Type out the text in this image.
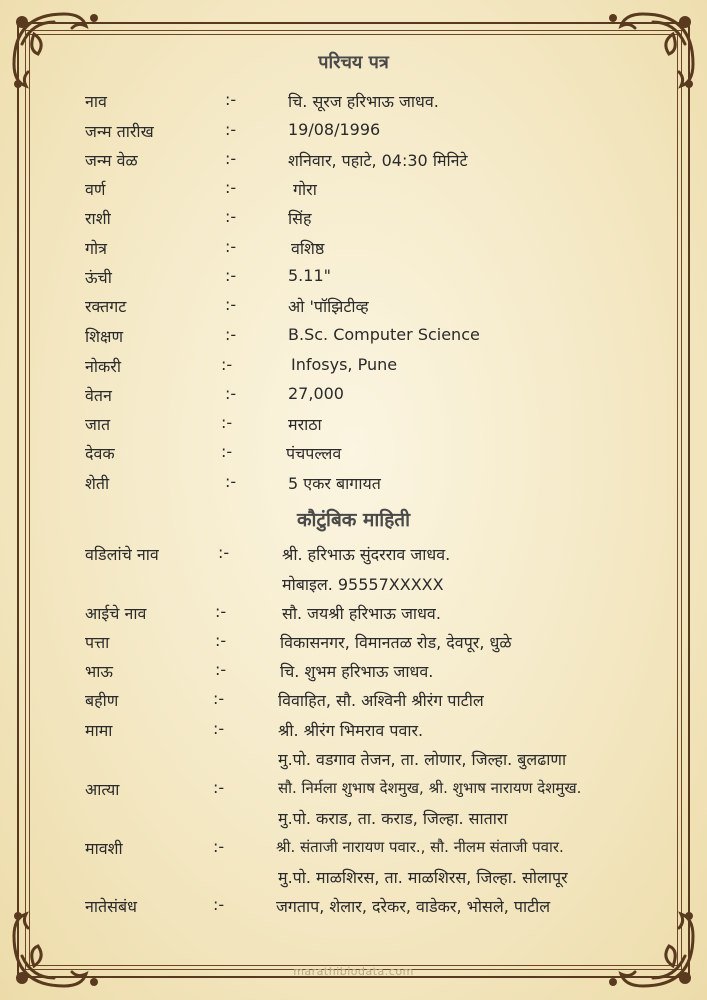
परिचय पत्र
नाव	:-	चि. सूरज हरिभाऊ जाधव.
जन्म तारीख	:-	19/08/1996
जन्म वेळ	:-	शनिवार, पहाटे, 04:30 मिनिटे
वर्ण	:-	गोरा
राशी	:-	सिंह
गोत्र	:-	वशिष्ठ
ऊंची	:-	5.11"
रक्तगट	:-	ओ 'पॉझिटीव्ह
शिक्षण	:-	B.Sc. Computer Science
नोकरी	:-	Infosys, Pune
वेतन	:-	27,000
जात	:-	मराठा
देवक	:-	पंचपल्लव
शेती	:-	5 एकर बागायत
कौटुंबिक माहिती
वडिलांचे नाव	:-	श्री. हरिभाऊ सुंदरराव जाधव.
मोबाइल. 95557XXXXX
आईचे नाव	:-	सौ. जयश्री हरिभाऊ जाधव.
पत्ता	:-	विकासनगर, विमानतळ रोड, देवपूर, धुळे
भाऊ	:-	चि. शुभम हरिभाऊ जाधव.
बहीण	:-	विवाहित, सौ. अश्विनी श्रीरंग पाटील
मामा	:-	श्री. श्रीरंग भिमराव पवार.
मु.पो. वडगाव तेजन, ता. लोणार, जिल्हा. बुलढाणा
आत्या	:-	सौ. निर्मला शुभाष देशमुख, श्री. शुभाष नारायण देशमुख.
मु.पो. कराड, ता. कराड, जिल्हा. सातारा
मावशी	:-	श्री. संताजी नारायण पवार., सौ. नीलम संताजी पवार.
मु.पो. माळशिरस, ता. माळशिरस, जिल्हा. सोलापूर
नातेसंबंध	:-	जगताप, शेलार, दरेकर, वाडेकर, भोसले, पाटील
marathibiodata.com
